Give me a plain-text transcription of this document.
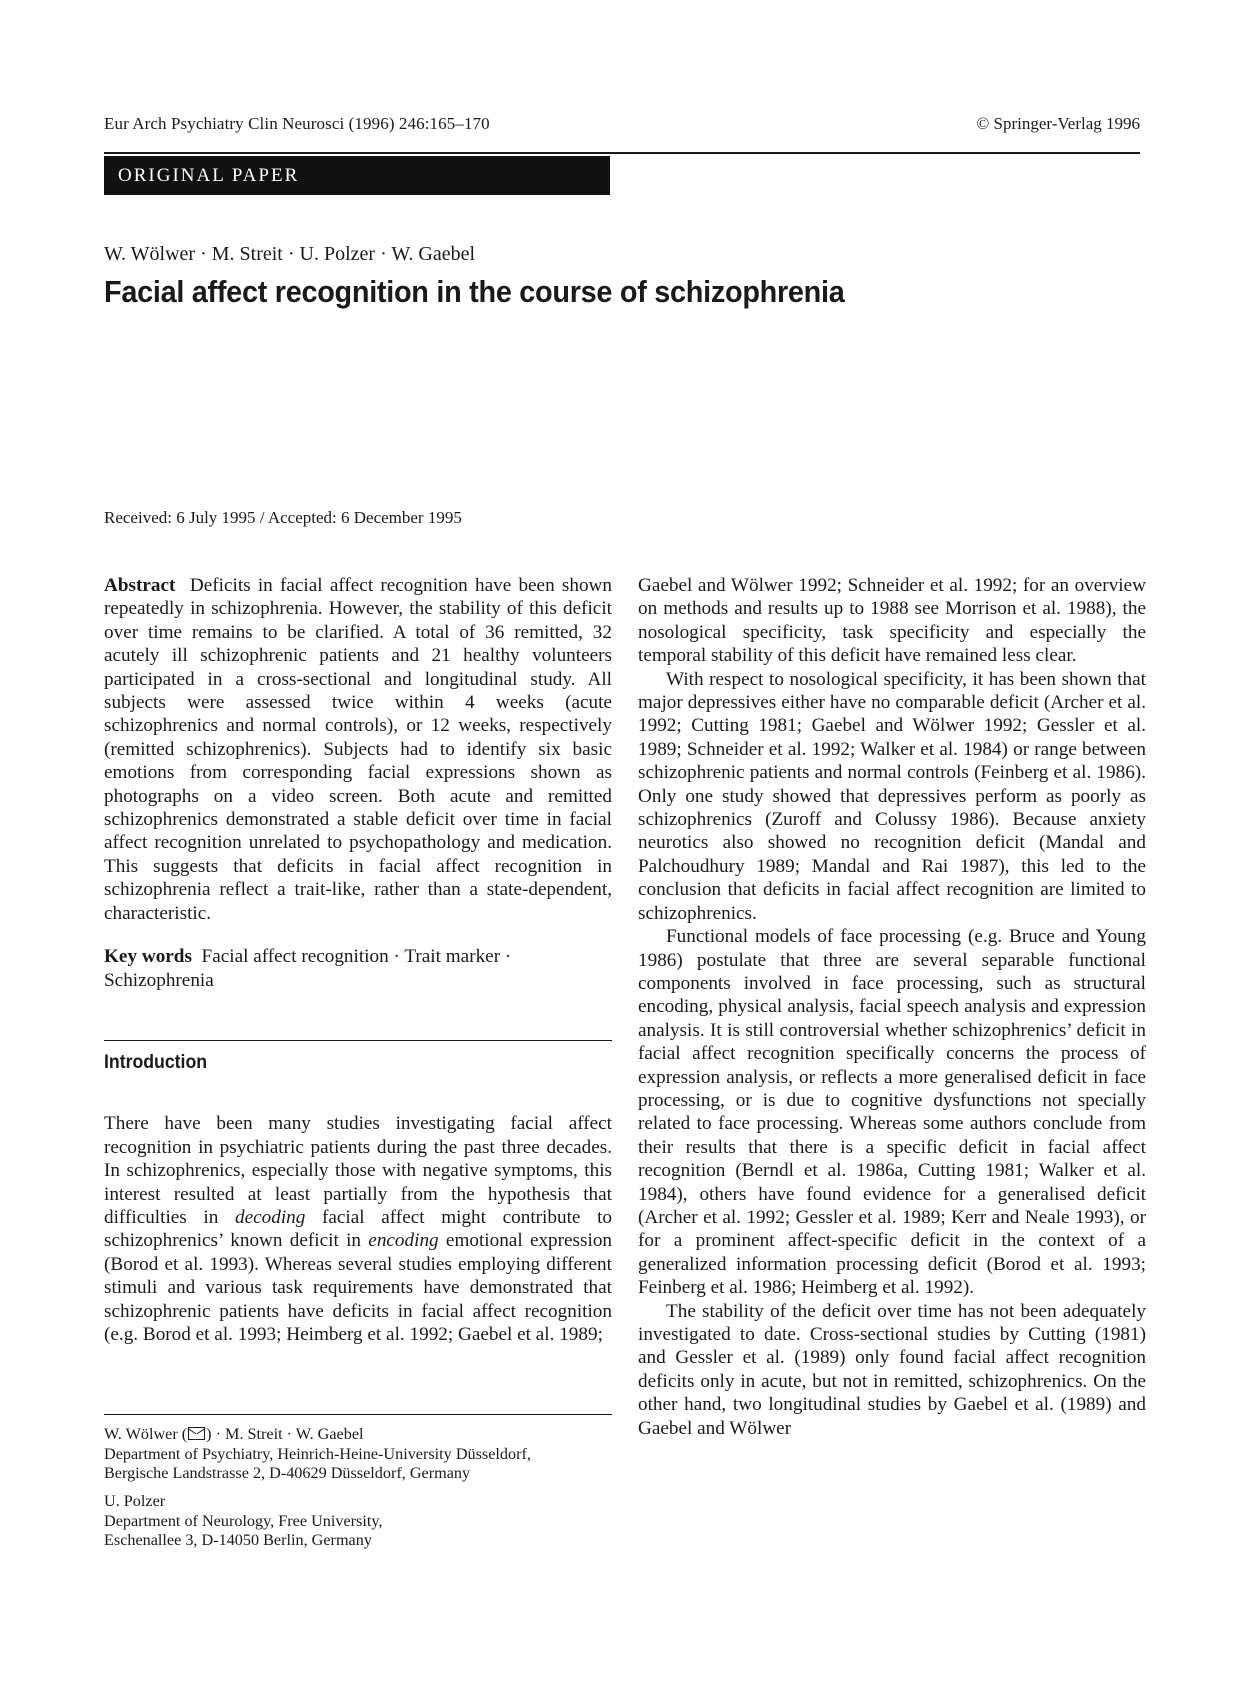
Eur Arch Psychiatry Clin Neurosci (1996) 246:165–170	© Springer-Verlag 1996
ORIGINAL PAPER
W. Wölwer · M. Streit · U. Polzer · W. Gaebel
Facial affect recognition in the course of schizophrenia
Received: 6 July 1995 / Accepted: 6 December 1995

Abstract Deficits in facial affect recognition have been shown repeatedly in schizophrenia. However, the stability of this deficit over time remains to be clarified. A total of 36 remitted, 32 acutely ill schizophrenic patients and 21 healthy volunteers participated in a cross-sectional and longitudinal study. All subjects were assessed twice within 4 weeks (acute schizophrenics and normal controls), or 12 weeks, respectively (remitted schizophrenics). Subjects had to identify six basic emotions from corresponding facial expressions shown as photographs on a video screen. Both acute and remitted schizophrenics demonstrated a stable deficit over time in facial affect recognition unrelated to psychopathology and medication. This suggests that deficits in facial affect recognition in schizophrenia reflect a trait-like, rather than a state-dependent, characteristic.

Key words Facial affect recognition · Trait marker · Schizophrenia

Introduction

There have been many studies investigating facial affect recognition in psychiatric patients during the past three decades. In schizophrenics, especially those with negative symptoms, this interest resulted at least partially from the hypothesis that difficulties in decoding facial affect might contribute to schizophrenics’ known deficit in encoding emotional expression (Borod et al. 1993). Whereas several studies employing different stimuli and various task requirements have demonstrated that schizophrenic patients have deficits in facial affect recognition (e.g. Borod et al. 1993; Heimberg et al. 1992; Gaebel et al. 1989;

Gaebel and Wölwer 1992; Schneider et al. 1992; for an overview on methods and results up to 1988 see Morrison et al. 1988), the nosological specificity, task specificity and especially the temporal stability of this deficit have remained less clear.

With respect to nosological specificity, it has been shown that major depressives either have no comparable deficit (Archer et al. 1992; Cutting 1981; Gaebel and Wölwer 1992; Gessler et al. 1989; Schneider et al. 1992; Walker et al. 1984) or range between schizophrenic patients and normal controls (Feinberg et al. 1986). Only one study showed that depressives perform as poorly as schizophrenics (Zuroff and Colussy 1986). Because anxiety neurotics also showed no recognition deficit (Mandal and Palchoudhury 1989; Mandal and Rai 1987), this led to the conclusion that deficits in facial affect recognition are limited to schizophrenics.

Functional models of face processing (e.g. Bruce and Young 1986) postulate that three are several separable functional components involved in face processing, such as structural encoding, physical analysis, facial speech analysis and expression analysis. It is still controversial whether schizophrenics’ deficit in facial affect recognition specifically concerns the process of expression analysis, or reflects a more generalised deficit in face processing, or is due to cognitive dysfunctions not specially related to face processing. Whereas some authors conclude from their results that there is a specific deficit in facial affect recognition (Berndl et al. 1986a, Cutting 1981; Walker et al. 1984), others have found evidence for a generalised deficit (Archer et al. 1992; Gessler et al. 1989; Kerr and Neale 1993), or for a prominent affect-specific deficit in the context of a generalized information processing deficit (Borod et al. 1993; Feinberg et al. 1986; Heimberg et al. 1992).

The stability of the deficit over time has not been adequately investigated to date. Cross-sectional studies by Cutting (1981) and Gessler et al. (1989) only found facial affect recognition deficits only in acute, but not in remitted, schizophrenics. On the other hand, two longitudinal studies by Gaebel et al. (1989) and Gaebel and Wölwer

W. Wölwer ( ) · M. Streit · W. Gaebel
Department of Psychiatry, Heinrich-Heine-University Düsseldorf,
Bergische Landstrasse 2, D-40629 Düsseldorf, Germany
U. Polzer
Department of Neurology, Free University,
Eschenallee 3, D-14050 Berlin, Germany
